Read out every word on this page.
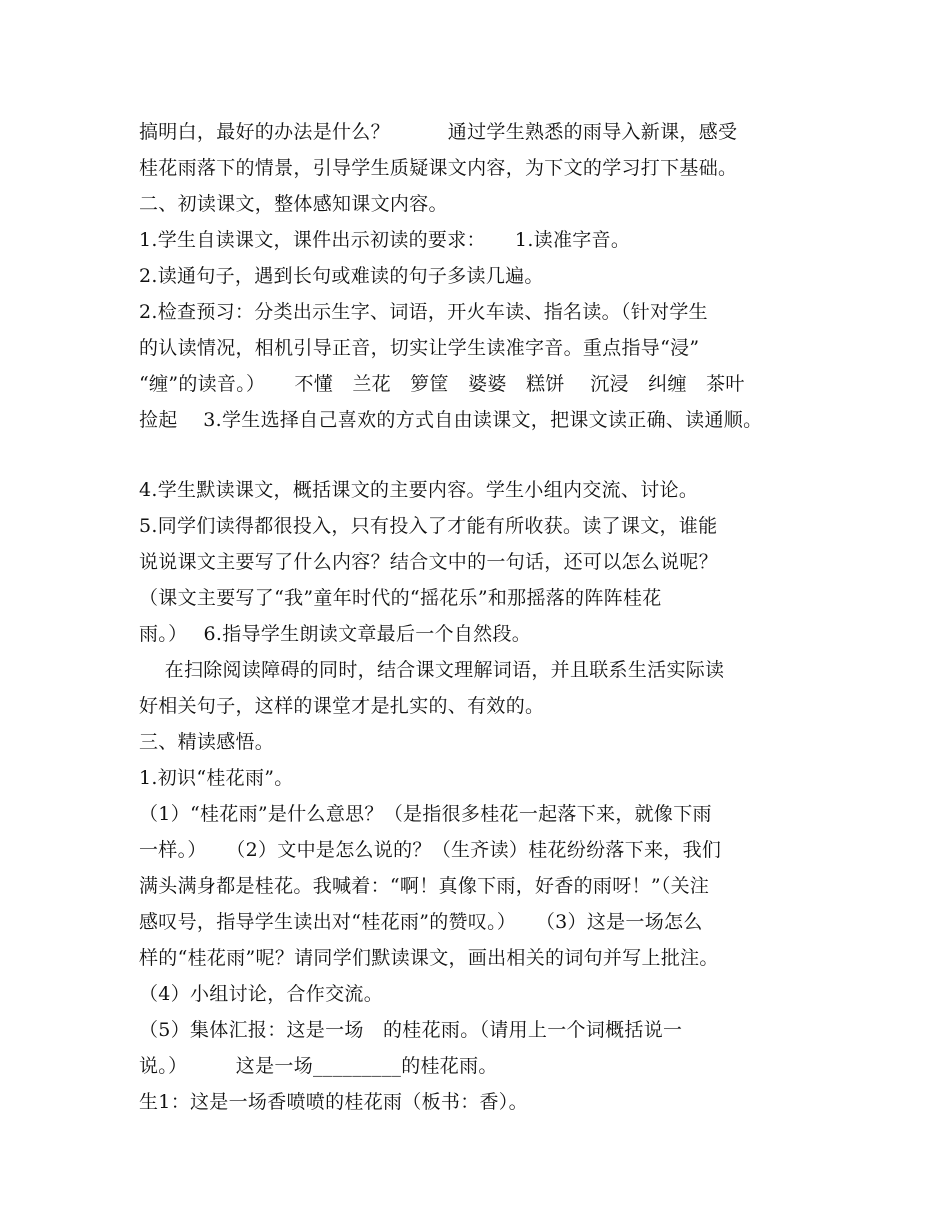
搞明白，最好的办法是什么？　　　通过学生熟悉的雨导入新课，感受
桂花雨落下的情景，引导学生质疑课文内容，为下文的学习打下基础。
二、初读课文，整体感知课文内容。
1.学生自读课文，课件出示初读的要求：　　1.读准字音。
2.读通句子，遇到长句或难读的句子多读几遍。
2.检查预习：分类出示生字、词语，开火车读、指名读。（针对学生
的认读情况，相机引导正音，切实让学生读准字音。重点指导“浸”
“缠”的读音。）　　不懂　兰花　箩筐　婆婆　糕饼　 沉浸　纠缠　茶叶
捡起　 3.学生选择自己喜欢的方式自由读课文，把课文读正确、读通顺。
4.学生默读课文，概括课文的主要内容。学生小组内交流、讨论。
5.同学们读得都很投入，只有投入了才能有所收获。读了课文，谁能
说说课文主要写了什么内容？结合文中的一句话，还可以怎么说呢？
（课文主要写了“我”童年时代的“摇花乐”和那摇落的阵阵桂花
雨。）　 6.指导学生朗读文章最后一个自然段。
　 在扫除阅读障碍的同时，结合课文理解词语，并且联系生活实际读
好相关句子，这样的课堂才是扎实的、有效的。
三、精读感悟。
1.初识“桂花雨”。
（1）“桂花雨”是什么意思？（是指很多桂花一起落下来，就像下雨
一样。）　　（2）文中是怎么说的？（生齐读）桂花纷纷落下来，我们
满头满身都是桂花。我喊着：“啊！真像下雨，好香的雨呀！”（关注
感叹号，指导学生读出对“桂花雨”的赞叹。）　　（3）这是一场怎么
样的“桂花雨”呢？请同学们默读课文，画出相关的词句并写上批注。
（4）小组讨论，合作交流。
（5）集体汇报：这是一场　的桂花雨。（请用上一个词概括说一
说。）　　　这是一场_________的桂花雨。
生1：这是一场香喷喷的桂花雨（板书：香）。
